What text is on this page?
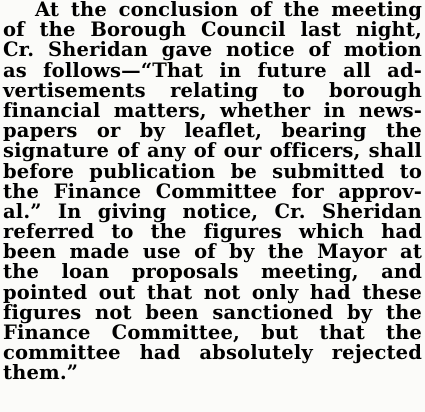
At the conclusion of the meeting
of the Borough Council last night,
Cr. Sheridan gave notice of motion
as follows—“That in future all ad-
vertisements relating to borough
financial matters, whether in news-
papers or by leaflet, bearing the
signature of any of our officers, shall
before publication be submitted to
the Finance Committee for approv-
al.” In giving notice, Cr. Sheridan
referred to the figures which had
been made use of by the Mayor at
the loan proposals meeting, and
pointed out that not only had these
figures not been sanctioned by the
Finance Committee, but that the
committee had absolutely rejected
them.”
